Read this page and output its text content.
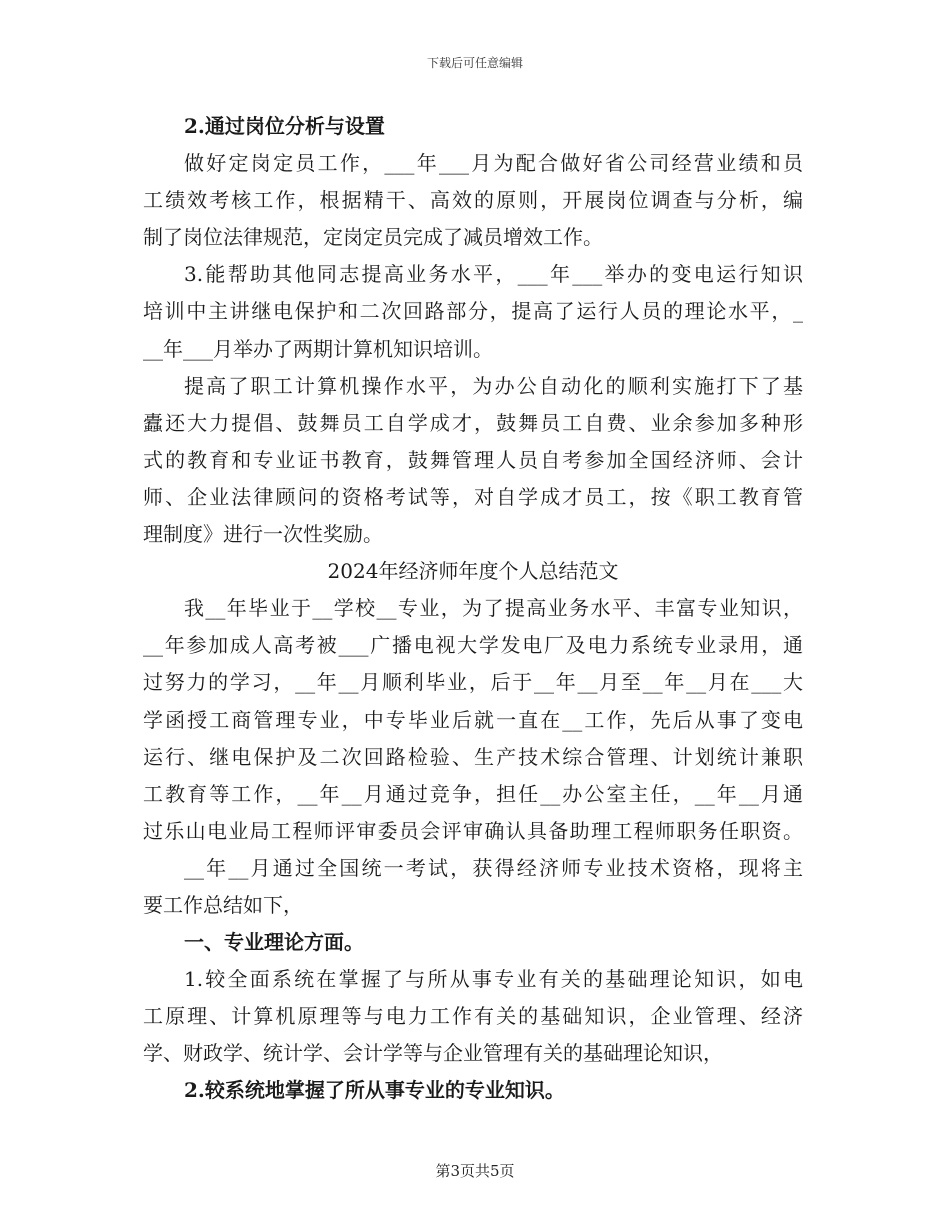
下载后可任意编辑
2.通过岗位分析与设置
做好定岗定员工作，___年___月为配合做好省公司经营业绩和员
工绩效考核工作，根据精干、高效的原则，开展岗位调查与分析，编
制了岗位法律规范，定岗定员完成了减员增效工作。
3.能帮助其他同志提高业务水平，___年___举办的变电运行知识
培训中主讲继电保护和二次回路部分，提高了运行人员的理论水平，_
__年___月举办了两期计算机知识培训。
提高了职工计算机操作水平，为办公自动化的顺利实施打下了基
蠹还大力提倡、鼓舞员工自学成才，鼓舞员工自费、业余参加多种形
式的教育和专业证书教育，鼓舞管理人员自考参加全国经济师、会计
师、企业法律顾问的资格考试等，对自学成才员工，按《职工教育管
理制度》进行一次性奖励。
2024年经济师年度个人总结范文
我__年毕业于__学校__专业，为了提高业务水平、丰富专业知识，
__年参加成人高考被___广播电视大学发电厂及电力系统专业录用，通
过努力的学习，__年__月顺利毕业，后于__年__月至__年__月在___大
学函授工商管理专业，中专毕业后就一直在__工作，先后从事了变电
运行、继电保护及二次回路检验、生产技术综合管理、计划统计兼职
工教育等工作，__年__月通过竞争，担任__办公室主任，__年__月通
过乐山电业局工程师评审委员会评审确认具备助理工程师职务任职资。
__年__月通过全国统一考试，获得经济师专业技术资格，现将主
要工作总结如下，
一、专业理论方面。
1.较全面系统在掌握了与所从事专业有关的基础理论知识，如电
工原理、计算机原理等与电力工作有关的基础知识，企业管理、经济
学、财政学、统计学、会计学等与企业管理有关的基础理论知识，
2.较系统地掌握了所从事专业的专业知识。
第3页共5页
